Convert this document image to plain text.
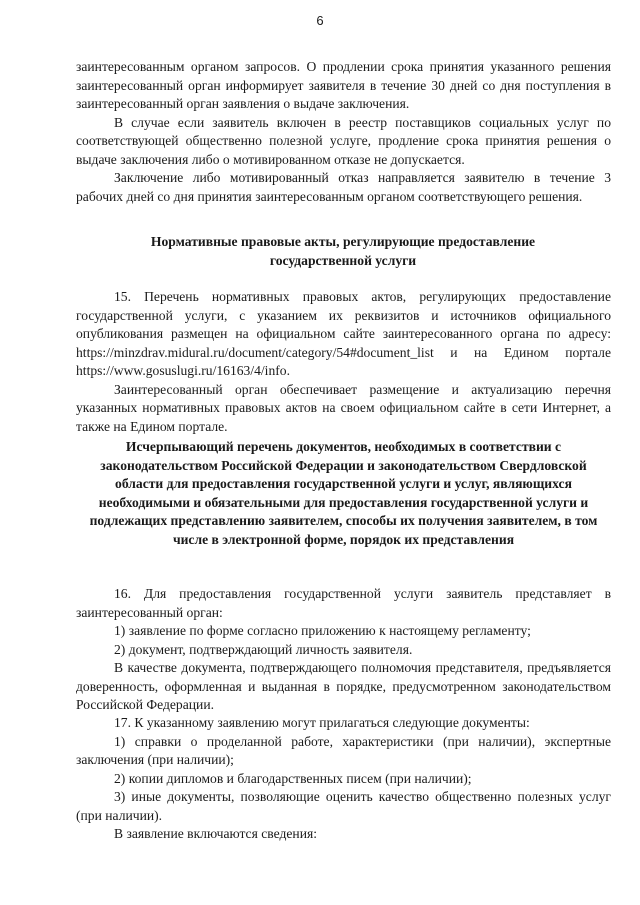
6

заинтересованным органом запросов. О продлении срока принятия указанного решения заинтересованный орган информирует заявителя в течение 30 дней со дня поступления в заинтересованный орган заявления о выдаче заключения.

В случае если заявитель включен в реестр поставщиков социальных услуг по соответствующей общественно полезной услуге, продление срока принятия решения о выдаче заключения либо о мотивированном отказе не допускается.

Заключение либо мотивированный отказ направляется заявителю в течение 3 рабочих дней со дня принятия заинтересованным органом соответствующего решения.

Нормативные правовые акты, регулирующие предоставление государственной услуги

15. Перечень нормативных правовых актов, регулирующих предоставление государственной услуги, с указанием их реквизитов и источников официального опубликования размещен на официальном сайте заинтересованного органа по адресу: https://minzdrav.midural.ru/document/category/54#document_list и на Едином портале https://www.gosuslugi.ru/16163/4/info.

Заинтересованный орган обеспечивает размещение и актуализацию перечня указанных нормативных правовых актов на своем официальном сайте в сети Интернет, а также на Едином портале.

Исчерпывающий перечень документов, необходимых в соответствии с законодательством Российской Федерации и законодательством Свердловской области для предоставления государственной услуги и услуг, являющихся необходимыми и обязательными для предоставления государственной услуги и подлежащих представлению заявителем, способы их получения заявителем, в том числе в электронной форме, порядок их представления

16. Для предоставления государственной услуги заявитель представляет в заинтересованный орган:

1) заявление по форме согласно приложению к настоящему регламенту;

2) документ, подтверждающий личность заявителя.

В качестве документа, подтверждающего полномочия представителя, предъявляется доверенность, оформленная и выданная в порядке, предусмотренном законодательством Российской Федерации.

17. К указанному заявлению могут прилагаться следующие документы:

1) справки о проделанной работе, характеристики (при наличии), экспертные заключения (при наличии);

2) копии дипломов и благодарственных писем (при наличии);

3) иные документы, позволяющие оценить качество общественно полезных услуг (при наличии).

В заявление включаются сведения:
